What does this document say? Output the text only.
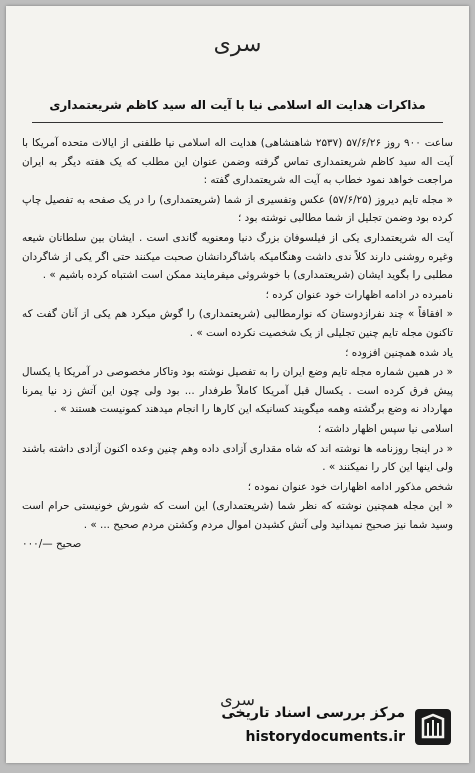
سری
مذاکرات هدایت اله اسلامی نیا با آیت اله سید کاظم شریعتمداری

ساعت ۹۰۰ روز ۵۷/۶/۲۶ (۲۵۳۷ شاهنشاهی) هدایت اله اسلامی نیا طلفنی از ایالات متحده آمریکا با آیت اله سید کاظم شریعتمداری تماس گرفته وضمن عنوان این مطلب که یک هفته دیگر به ایران مراجعت خواهد نمود خطاب به آیت اله شریعتمداری گفته :

« مجله تایم دیروز (۵۷/۶/۲۵) عکس وتفسیری از شما (شریعتمداری) را در یک صفحه به تفصیل چاپ کرده بود وضمن تجلیل از شما مطالبی نوشته بود ؛

آیت اله شریعتمداری یکی از فیلسوفان بزرگ دنیا ومعنویه گاندی است . ایشان بین سلطانان شیعه وغیره روشنی دارند کلاً ندی داشت وهنگامیکه باشاگردانشان صحبت میکنند حتی اگر یکی از شاگردان مطلبی را بگوید ایشان (شریعتمداری) با خوشروئی میفرمایند ممکن است اشتباه کرده باشیم » .

نامبرده در ادامه اظهارات خود عنوان کرده ؛

« افقاقاً » چند نفرازدوستان که نوارمطالبی (شریعتمداری) را گوش میکرد هم یکی از آنان گفت که تاکنون مجله تایم چنین تجلیلی از یک شخصیت نکرده است » .

یاد شده همچنین افزوده ؛

« در همین شماره مجله تایم وضع ایران را به تفصیل نوشته بود وتاکار مخصوصی در آمریکا یا یکسال پیش فرق کرده است . یکسال قبل آمریکا کاملاً طرفدار ... بود ولی چون این آتش زد نیا یمرنا مهارداد نه وضع برگشته وهمه میگویند کسانیکه این کارها را انجام میدهند کمونیست هستند » .

اسلامی نیا سپس اظهار داشته ؛

« در اینجا روزنامه ها نوشته اند که شاه مقداری آزادی داده وهم چنین وعده اکنون آزادی داشته باشند ولی اینها این کار را نمیکنند » .

شخص مذکور ادامه اظهارات خود عنوان نموده ؛

« این مجله همچنین نوشته که نظر شما (شریعتمداری) این است که شورش خونیستی حرام است وسید شما نیز صحیح نمیدانید ولی آتش کشیدن اموال مردم وکشتن مردم صحیح ... » .

صحیح —/۰۰۰

سری
مرکز بررسی اسناد تاریخی
historydocuments.ir
